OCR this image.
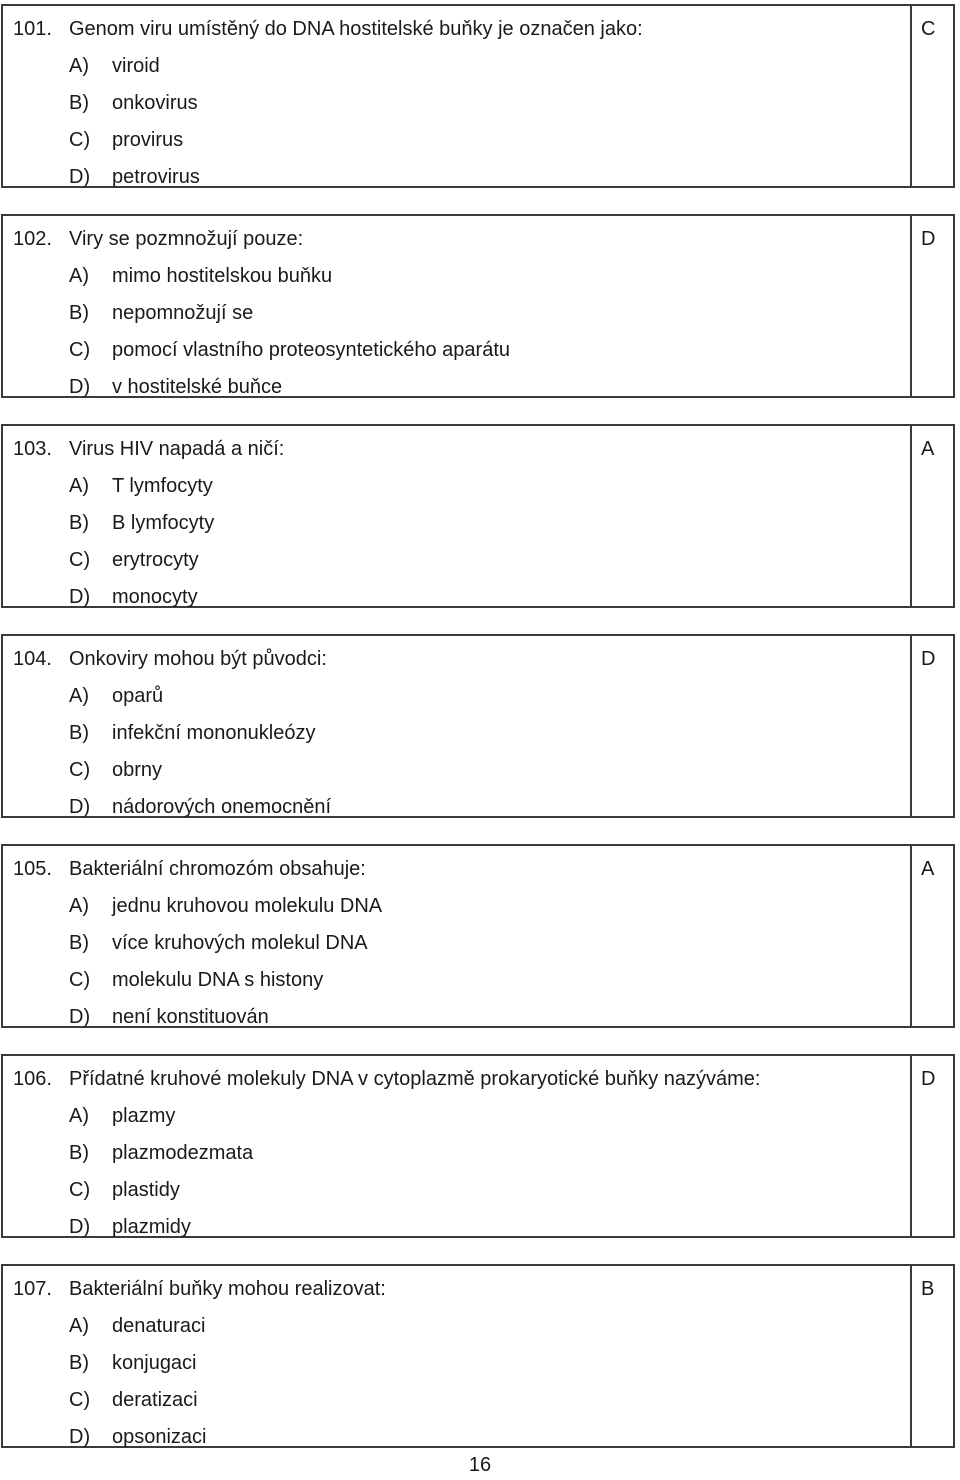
101. Genom viru umístěný do DNA hostitelské buňky je označen jako:
A) viroid
B) onkovirus
C) provirus
D) petrovirus
C
102. Viry se pozmnožují pouze:
A) mimo hostitelskou buňku
B) nepomnožují se
C) pomocí vlastního proteosyntetického aparátu
D) v hostitelské buňce
D
103. Virus HIV napadá a ničí:
A) T lymfocyty
B) B lymfocyty
C) erytrocyty
D) monocyty
A
104. Onkoviry mohou být původci:
A) oparů
B) infekční mononukleózy
C) obrny
D) nádorových onemocnění
D
105. Bakteriální chromozóm obsahuje:
A) jednu kruhovou molekulu DNA
B) více kruhových molekul DNA
C) molekulu DNA s histony
D) není konstituován
A
106. Přídatné kruhové molekuly DNA v cytoplazmě prokaryotické buňky nazýváme:
A) plazmy
B) plazmodezmata
C) plastidy
D) plazmidy
D
107. Bakteriální buňky mohou realizovat:
A) denaturaci
B) konjugaci
C) deratizaci
D) opsonizaci
B
16
